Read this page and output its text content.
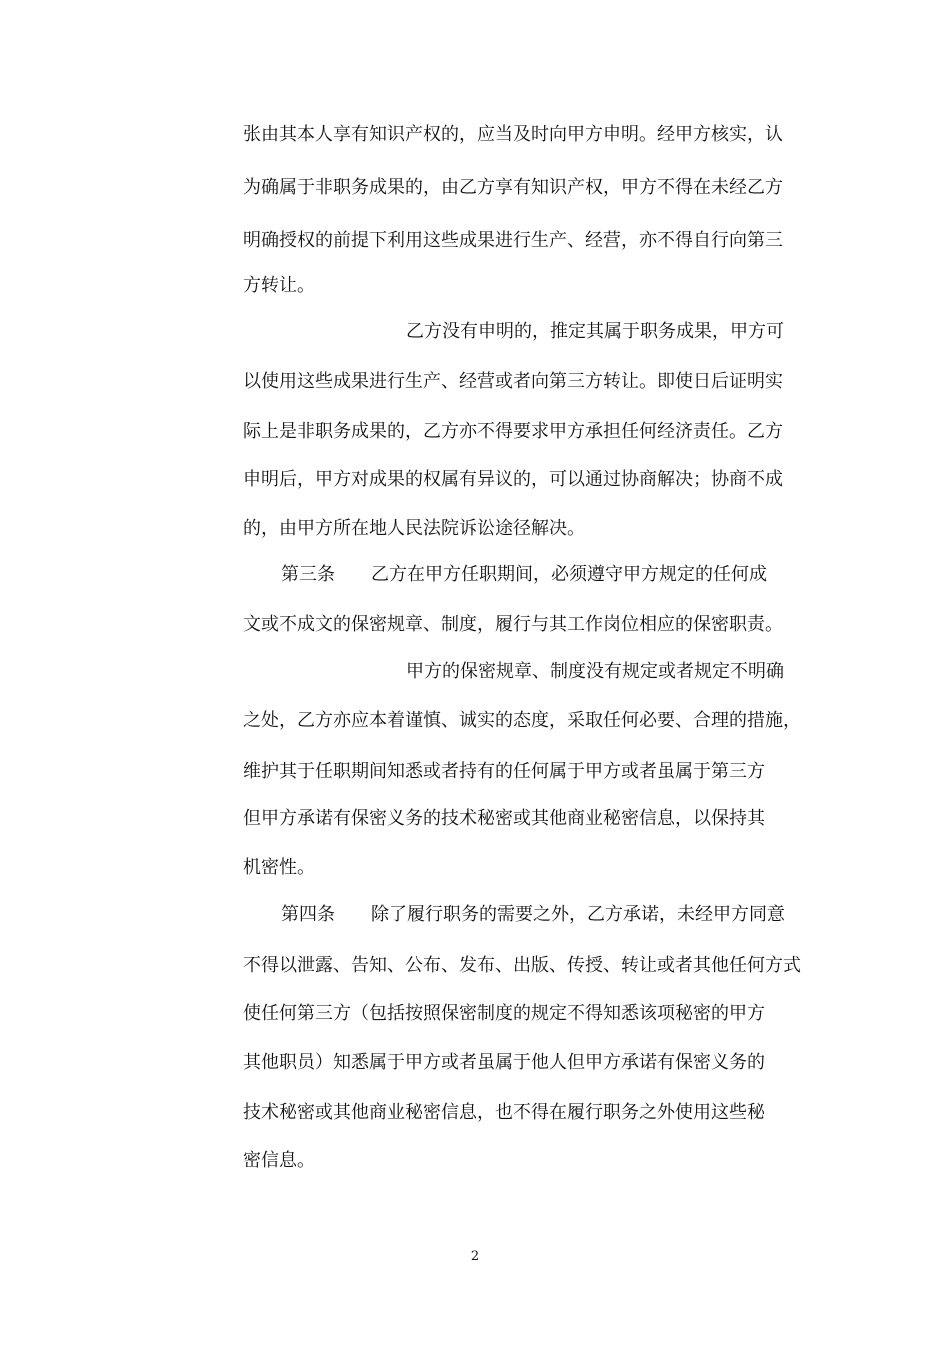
张由其本人享有知识产权的，应当及时向甲方申明。经甲方核实，认
为确属于非职务成果的，由乙方享有知识产权，甲方不得在未经乙方
明确授权的前提下利用这些成果进行生产、经营，亦不得自行向第三
方转让。
乙方没有申明的，推定其属于职务成果，甲方可
以使用这些成果进行生产、经营或者向第三方转让。即使日后证明实
际上是非职务成果的，乙方亦不得要求甲方承担任何经济责任。乙方
申明后，甲方对成果的权属有异议的，可以通过协商解决；协商不成
的，由甲方所在地人民法院诉讼途径解决。
第三条　　乙方在甲方任职期间，必须遵守甲方规定的任何成
文或不成文的保密规章、制度，履行与其工作岗位相应的保密职责。
甲方的保密规章、制度没有规定或者规定不明确
之处，乙方亦应本着谨慎、诚实的态度，采取任何必要、合理的措施，
维护其于任职期间知悉或者持有的任何属于甲方或者虽属于第三方
但甲方承诺有保密义务的技术秘密或其他商业秘密信息，以保持其
机密性。
第四条　　除了履行职务的需要之外，乙方承诺，未经甲方同意
不得以泄露、告知、公布、发布、出版、传授、转让或者其他任何方式
使任何第三方（包括按照保密制度的规定不得知悉该项秘密的甲方
其他职员）知悉属于甲方或者虽属于他人但甲方承诺有保密义务的
技术秘密或其他商业秘密信息，也不得在履行职务之外使用这些秘
密信息。
2
